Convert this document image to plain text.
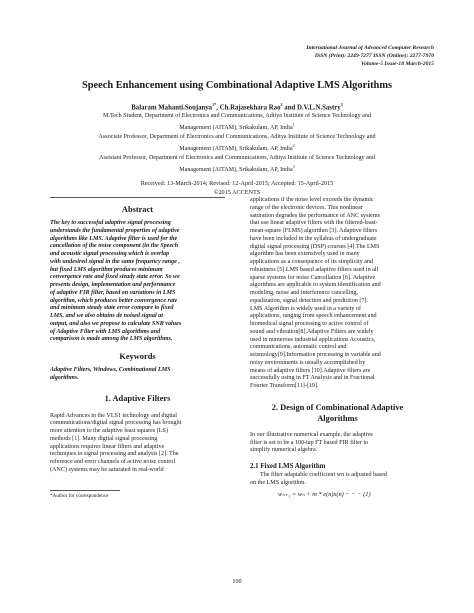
International Journal of Advanced Computer Research
ISSN (Print): 2249-7277 ISSN (Online): 2277-7970
Volume-5 Issue-18 March-2015
Speech Enhancement using Combinational Adaptive LMS Algorithms
Balaram Mahanti.Soujanya$^{1*}$, Ch.Rajasekhara Rao$^2$ and D.V.L.N.Sastry$^3$
M.Tech Student, Department of Electronics and Communications, Aditya Institute of Science Technology and
Management (AITAM), Srikakulam, AP, India$^1$
Associate Professor, Department of Electronics and Communications, Aditya Institute of Science Technology and
Management (AITAM), Srikakulam, AP, India$^2$
Assistant Professor, Department of Electronics and Communications, Aditya Institute of Science Technology and
Management (AITAM), Srikakulam, AP, India$^3$
Received: 13-March-2014; Revised: 12-April-2015; Accepted: 15-April-2015
©2015 ACCENTS
Abstract
The key to successful adaptive signal processing
understands the fundamental properties of adaptive
algorithms like LMS. Adaptive filter is used for the
cancellation of the noise component (in the Speech
and acoustic signal processing which is overlap
with undesired signal in the same frequency range ,
but fixed LMS algorithm produces minimum
convergence rate and fixed steady state error. So we
presents design, implementation and performance
of adaptive FIR filter, based on variations in LMS
algorithm, which produces better convergence rate
and minimum steady state error compare to fixed
LMS, and we also obtains de noised signal at
output, and also we propose to calculate SNR values
of Adaptive Filter with LMS algorithms and
comparison is made among the LMS algorithms.
Keywords
Adaptive Filters, Windows, Combinational LMS
algorithms.
1. Adaptive Filters
Rapid Advances in the VLS1 technology and digital
communications/digital signal processing has brought
more attention to the adaptive least squares (LS)
methods [1]. Many digital signal processing
applications requires linear filters and adaptive
techniques in signal processing and analysis [2]. The
reference and error channels of active noise control
(ANC) systems may be saturated in real-world
*Author for correspondence
applications if the noise level exceeds the dynamic
range of the electronic devices. This nonlinear
saturation degrades the performance of ANC systems
that use linear adaptive filters with the filtered-least-
mean-square (FLMS) algorithm [3]. Adaptive filters
have been included in the syllabus of undergraduate
digital signal processing (DSP) courses [4].The LMS
algorithm has been extensively used in many
applications as a consequence of its simplicity and
robustness [5].LMS based adaptive filters used in all
sparse systems for noise Cancellation [6]. Adaptive
algorithms are applicable to system identification and
modeling, noise and interference cancelling,
equalization, signal detection and prediction [7].
LMS Algorithm is widely used in a variety of
applications, ranging from speech enhancement and
biomedical signal processing to active control of
sound and vibration[8].Adaptive Filters are widely
used in numerous industrial applications Acoustics,
communications, automatic control and
seismology[9].Information processing in variable and
noisy environments is usually accomplished by
means of adaptive filters [10].Adaptive filters are
successfully using in FT Analysis and in Fractional
Fourier Transform[11]-[19].
2. Design of Combinational Adaptive
Algorithms
In our illustrative numerical example, the adaptive
filter is set to be a 100-tap FT based FIR filter to
simplify numerical algebra.
2.1 Fixed LMS Algorithm
The filter adaptable coefficient wn is adjusted based
on the LMS algorithm.
wₙ₊₁ = wₙ + m * e(n)x(n) − − − (1)
100
